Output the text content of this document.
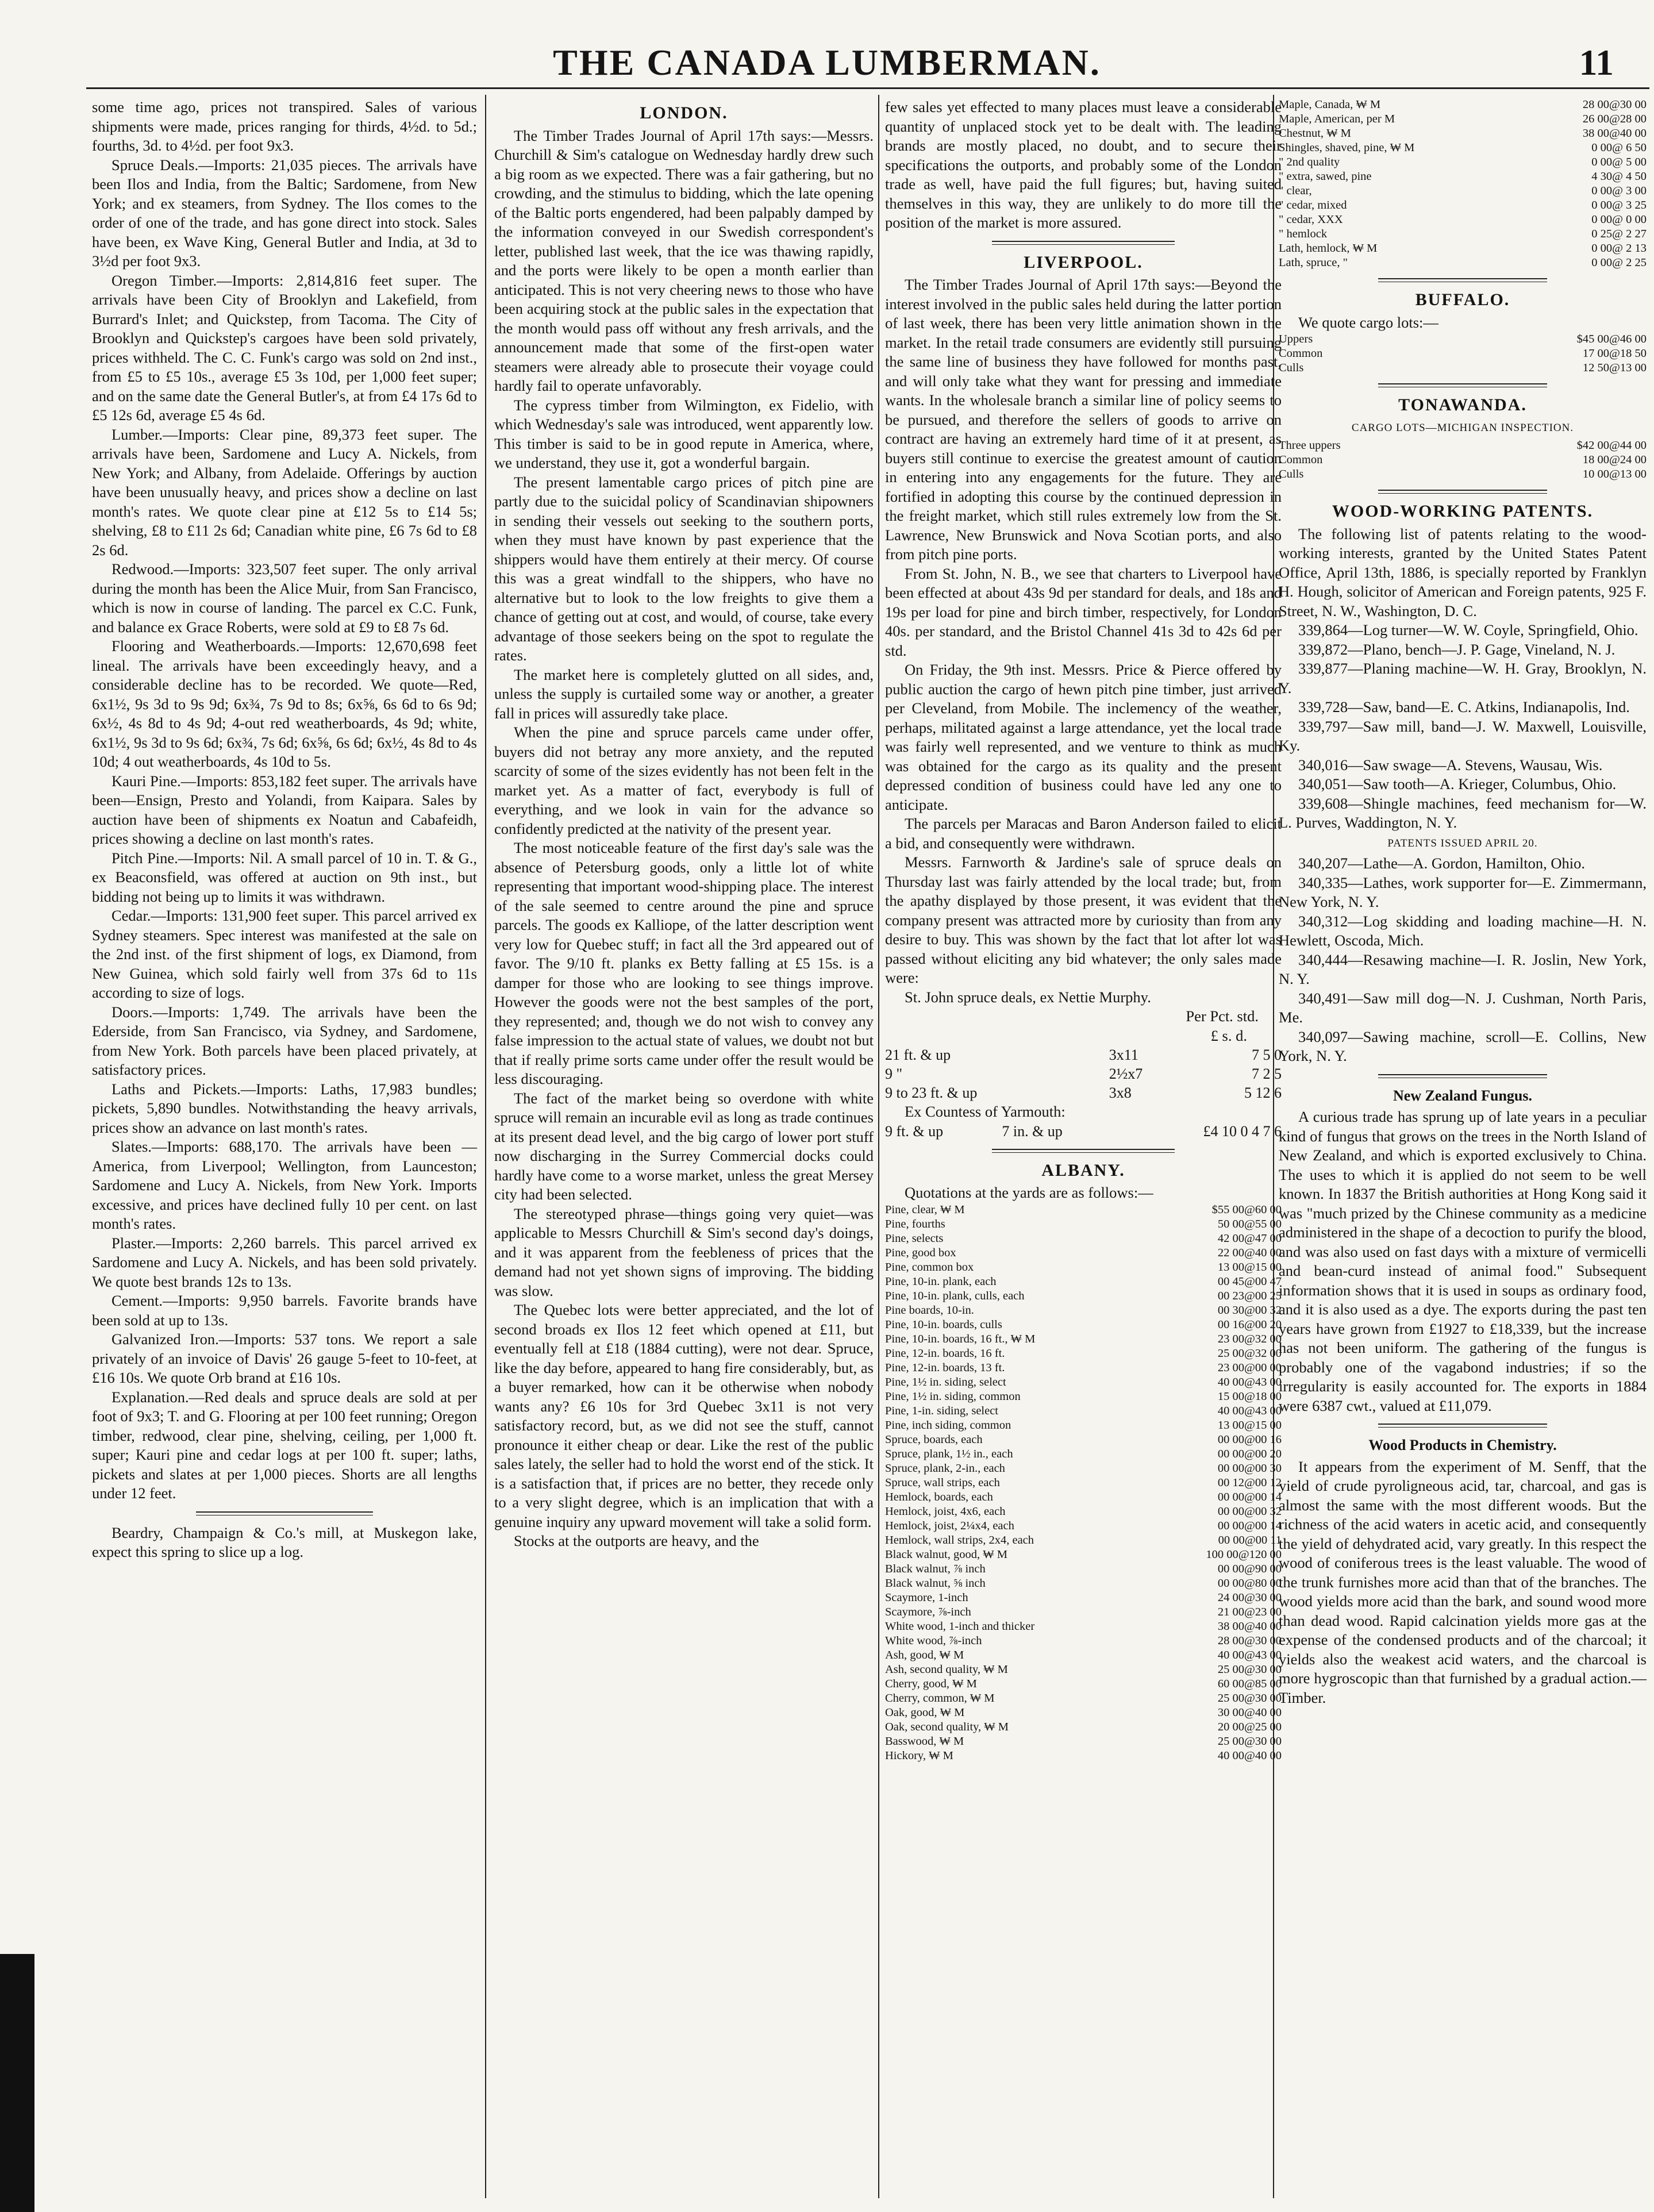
THE CANADA LUMBERMAN.	11

some time ago, prices not transpired. Sales of various shipments were made, prices ranging for thirds, 4½d. to 5d.; fourths, 3d. to 4½d. per foot 9x3.

Spruce Deals.—Imports: 21,035 pieces. The arrivals have been Ilos and India, from the Baltic; Sardomene, from New York; and ex steamers, from Sydney. The Ilos comes to the order of one of the trade, and has gone direct into stock. Sales have been, ex Wave King, General Butler and India, at 3d to 3½d per foot 9x3.

Oregon Timber.—Imports: 2,814,816 feet super. The arrivals have been City of Brooklyn and Lakefield, from Burrard's Inlet; and Quickstep, from Tacoma. The City of Brooklyn and Quickstep's cargoes have been sold privately, prices withheld. The C. C. Funk's cargo was sold on 2nd inst., from £5 to £5 10s., average £5 3s 10d, per 1,000 feet super; and on the same date the General Butler's, at from £4 17s 6d to £5 12s 6d, average £5 4s 6d.

Lumber.—Imports: Clear pine, 89,373 feet super. The arrivals have been, Sardomene and Lucy A. Nickels, from New York; and Albany, from Adelaide. Offerings by auction have been unusually heavy, and prices show a decline on last month's rates. We quote clear pine at £12 5s to £14 5s; shelving, £8 to £11 2s 6d; Canadian white pine, £6 7s 6d to £8 2s 6d.

Redwood.—Imports: 323,507 feet super. The only arrival during the month has been the Alice Muir, from San Francisco, which is now in course of landing. The parcel ex C.C. Funk, and balance ex Grace Roberts, were sold at £9 to £8 7s 6d.

Flooring and Weatherboards.—Imports: 12,670,698 feet lineal. The arrivals have been exceedingly heavy, and a considerable decline has to be recorded. We quote—Red, 6x1½, 9s 3d to 9s 9d; 6x¾, 7s 9d to 8s; 6x⅝, 6s 6d to 6s 9d; 6x½, 4s 8d to 4s 9d; 4-out red weatherboards, 4s 9d; white, 6x1½, 9s 3d to 9s 6d; 6x¾, 7s 6d; 6x⅝, 6s 6d; 6x½, 4s 8d to 4s 10d; 4 out weatherboards, 4s 10d to 5s.

Kauri Pine.—Imports: 853,182 feet super. The arrivals have been—Ensign, Presto and Yolandi, from Kaipara. Sales by auction have been of shipments ex Noatun and Cabafeidh, prices showing a decline on last month's rates.

Pitch Pine.—Imports: Nil. A small parcel of 10 in. T. & G., ex Beaconsfield, was offered at auction on 9th inst., but bidding not being up to limits it was withdrawn.

Cedar.—Imports: 131,900 feet super. This parcel arrived ex Sydney steamers. Spec interest was manifested at the sale on the 2nd inst. of the first shipment of logs, ex Diamond, from New Guinea, which sold fairly well from 37s 6d to 11s according to size of logs.

Doors.—Imports: 1,749. The arrivals have been the Ederside, from San Francisco, via Sydney, and Sardomene, from New York. Both parcels have been placed privately, at satisfactory prices.

Laths and Pickets.—Imports: Laths, 17,983 bundles; pickets, 5,890 bundles. Notwithstanding the heavy arrivals, prices show an advance on last month's rates.

Slates.—Imports: 688,170. The arrivals have been — America, from Liverpool; Wellington, from Launceston; Sardomene and Lucy A. Nickels, from New York. Imports excessive, and prices have declined fully 10 per cent. on last month's rates.

Plaster.—Imports: 2,260 barrels. This parcel arrived ex Sardomene and Lucy A. Nickels, and has been sold privately. We quote best brands 12s to 13s.

Cement.—Imports: 9,950 barrels. Favorite brands have been sold at up to 13s.

Galvanized Iron.—Imports: 537 tons. We report a sale privately of an invoice of Davis' 26 gauge 5-feet to 10-feet, at £16 10s. We quote Orb brand at £16 10s.

Explanation.—Red deals and spruce deals are sold at per foot of 9x3; T. and G. Flooring at per 100 feet running; Oregon timber, redwood, clear pine, shelving, ceiling, per 1,000 ft. super; Kauri pine and cedar logs at per 100 ft. super; laths, pickets and slates at per 1,000 pieces. Shorts are all lengths under 12 feet.

Beardry, Champaign & Co.'s mill, at Muskegon lake, expect this spring to slice up a log.

LONDON.

The Timber Trades Journal of April 17th says:—Messrs. Churchill & Sim's catalogue on Wednesday hardly drew such a big room as we expected. There was a fair gathering, but no crowding, and the stimulus to bidding, which the late opening of the Baltic ports engendered, had been palpably damped by the information conveyed in our Swedish correspondent's letter, published last week, that the ice was thawing rapidly, and the ports were likely to be open a month earlier than anticipated. This is not very cheering news to those who have been acquiring stock at the public sales in the expectation that the month would pass off without any fresh arrivals, and the announcement made that some of the first-open water steamers were already able to prosecute their voyage could hardly fail to operate unfavorably.

The cypress timber from Wilmington, ex Fidelio, with which Wednesday's sale was introduced, went apparently low. This timber is said to be in good repute in America, where, we understand, they use it, got a wonderful bargain.

The present lamentable cargo prices of pitch pine are partly due to the suicidal policy of Scandinavian shipowners in sending their vessels out seeking to the southern ports, when they must have known by past experience that the shippers would have them entirely at their mercy. Of course this was a great windfall to the shippers, who have no alternative but to look to the low freights to give them a chance of getting out at cost, and would, of course, take every advantage of those seekers being on the spot to regulate the rates.

The market here is completely glutted on all sides, and, unless the supply is curtailed some way or another, a greater fall in prices will assuredly take place.

When the pine and spruce parcels came under offer, buyers did not betray any more anxiety, and the reputed scarcity of some of the sizes evidently has not been felt in the market yet. As a matter of fact, everybody is full of everything, and we look in vain for the advance so confidently predicted at the nativity of the present year.

The most noticeable feature of the first day's sale was the absence of Petersburg goods, only a little lot of white representing that important wood-shipping place. The interest of the sale seemed to centre around the pine and spruce parcels. The goods ex Kalliope, of the latter description went very low for Quebec stuff; in fact all the 3rd appeared out of favor. The 9/10 ft. planks ex Betty falling at £5 15s. is a damper for those who are looking to see things improve. However the goods were not the best samples of the port, they represented; and, though we do not wish to convey any false impression to the actual state of values, we doubt not but that if really prime sorts came under offer the result would be less discouraging.

The fact of the market being so overdone with white spruce will remain an incurable evil as long as trade continues at its present dead level, and the big cargo of lower port stuff now discharging in the Surrey Commercial docks could hardly have come to a worse market, unless the great Mersey city had been selected.

The stereotyped phrase—things going very quiet—was applicable to Messrs Churchill & Sim's second day's doings, and it was apparent from the feebleness of prices that the demand had not yet shown signs of improving. The bidding was slow.

The Quebec lots were better appreciated, and the lot of second broads ex Ilos 12 feet which opened at £11, but eventually fell at £18 (1884 cutting), were not dear. Spruce, like the day before, appeared to hang fire considerably, but, as a buyer remarked, how can it be otherwise when nobody wants any? £6 10s for 3rd Quebec 3x11 is not very satisfactory record, but, as we did not see the stuff, cannot pronounce it either cheap or dear. Like the rest of the public sales lately, the seller had to hold the worst end of the stick. It is a satisfaction that, if prices are no better, they recede only to a very slight degree, which is an implication that with a genuine inquiry any upward movement will take a solid form.

Stocks at the outports are heavy, and the

few sales yet effected to many places must leave a considerable quantity of unplaced stock yet to be dealt with. The leading brands are mostly placed, no doubt, and to secure their specifications the outports, and probably some of the London trade as well, have paid the full figures; but, having suited themselves in this way, they are unlikely to do more till the position of the market is more assured.

LIVERPOOL.

The Timber Trades Journal of April 17th says:—Beyond the interest involved in the public sales held during the latter portion of last week, there has been very little animation shown in the market. In the retail trade consumers are evidently still pursuing the same line of business they have followed for months past, and will only take what they want for pressing and immediate wants. In the wholesale branch a similar line of policy seems to be pursued, and therefore the sellers of goods to arrive on contract are having an extremely hard time of it at present, as buyers still continue to exercise the greatest amount of caution in entering into any engagements for the future. They are fortified in adopting this course by the continued depression in the freight market, which still rules extremely low from the St. Lawrence, New Brunswick and Nova Scotian ports, and also from pitch pine ports.

From St. John, N. B., we see that charters to Liverpool have been effected at about 43s 9d per standard for deals, and 18s and 19s per load for pine and birch timber, respectively, for London 40s. per standard, and the Bristol Channel 41s 3d to 42s 6d per std.

On Friday, the 9th inst. Messrs. Price & Pierce offered by public auction the cargo of hewn pitch pine timber, just arrived per Cleveland, from Mobile. The inclemency of the weather, perhaps, militated against a large attendance, yet the local trade was fairly well represented, and we venture to think as much was obtained for the cargo as its quality and the present depressed condition of business could have led any one to anticipate.

The parcels per Maracas and Baron Anderson failed to elicit a bid, and consequently were withdrawn.

Messrs. Farnworth & Jardine's sale of spruce deals on Thursday last was fairly attended by the local trade; but, from the apathy displayed by those present, it was evident that the company present was attracted more by curiosity than from any desire to buy. This was shown by the fact that lot after lot was passed without eliciting any bid whatever; the only sales made were:

St. John spruce deals, ex Nettie Murphy.

Per Pct. std.
£ s. d.
21 ft. & up	3x11	7 5 0
9 "	2½x7	7 2 5
9 to 23 ft. & up	3x8	5 12 6

Ex Countess of Yarmouth:

9 ft. & up	7 in. & up	£4 10 0 4 7 6
ALBANY.

Quotations at the yards are as follows:—

Pine, clear, ₩ M	$55 00@60 00
Pine, fourths	50 00@55 00
Pine, selects	42 00@47 00
Pine, good box	22 00@40 00
Pine, common box	13 00@15 00
Pine, 10-in. plank, each	00 45@00 47
Pine, 10-in. plank, culls, each	00 23@00 25
Pine boards, 10-in.	00 30@00 32
Pine, 10-in. boards, culls	00 16@00 20
Pine, 10-in. boards, 16 ft., ₩ M	23 00@32 00
Pine, 12-in. boards, 16 ft.	25 00@32 00
Pine, 12-in. boards, 13 ft.	23 00@00 00
Pine, 1½ in. siding, select	40 00@43 00
Pine, 1½ in. siding, common	15 00@18 00
Pine, 1-in. siding, select	40 00@43 00
Pine, inch siding, common	13 00@15 00
Spruce, boards, each	00 00@00 16
Spruce, plank, 1½ in., each	00 00@00 20
Spruce, plank, 2-in., each	00 00@00 30
Spruce, wall strips, each	00 12@00 12
Hemlock, boards, each	00 00@00 14
Hemlock, joist, 4x6, each	00 00@00 32
Hemlock, joist, 2¼x4, each	00 00@00 14
Hemlock, wall strips, 2x4, each	00 00@00 11
Black walnut, good, ₩ M	100 00@120 00
Black walnut, ⅞ inch	00 00@90 00
Black walnut, ⅝ inch	00 00@80 00
Scaymore, 1-inch	24 00@30 00
Scaymore, ⅞-inch	21 00@23 00
White wood, 1-inch and thicker	38 00@40 00
White wood, ⅞-inch	28 00@30 00
Ash, good, ₩ M	40 00@43 00
Ash, second quality, ₩ M	25 00@30 00
Cherry, good, ₩ M	60 00@85 00
Cherry, common, ₩ M	25 00@30 00
Oak, good, ₩ M	30 00@40 00
Oak, second quality, ₩ M	20 00@25 00
Basswood, ₩ M	25 00@30 00
Hickory, ₩ M	40 00@40 00
Maple, Canada, ₩ M	28 00@30 00
Maple, American, per M	26 00@28 00
Chestnut, ₩ M	38 00@40 00
Shingles, shaved, pine, ₩ M	0 00@ 6 50
" 2nd quality	0 00@ 5 00
" extra, sawed, pine	4 30@ 4 50
" clear,	0 00@ 3 00
" cedar, mixed	0 00@ 3 25
" cedar, XXX	0 00@ 0 00
" hemlock	0 25@ 2 27
Lath, hemlock, ₩ M	0 00@ 2 13
Lath, spruce, "	0 00@ 2 25
BUFFALO.

We quote cargo lots:—

Uppers	$45 00@46 00
Common	17 00@18 50
Culls	12 50@13 00
TONAWANDA.
CARGO LOTS—MICHIGAN INSPECTION.
Three uppers	$42 00@44 00
Common	18 00@24 00
Culls	10 00@13 00
WOOD-WORKING PATENTS.

The following list of patents relating to the wood-working interests, granted by the United States Patent Office, April 13th, 1886, is specially reported by Franklyn H. Hough, solicitor of American and Foreign patents, 925 F. Street, N. W., Washington, D. C.

339,864—Log turner—W. W. Coyle, Springfield, Ohio.

339,872—Plano, bench—J. P. Gage, Vineland, N. J.

339,877—Planing machine—W. H. Gray, Brooklyn, N. Y.

339,728—Saw, band—E. C. Atkins, Indianapolis, Ind.

339,797—Saw mill, band—J. W. Maxwell, Louisville, Ky.

340,016—Saw swage—A. Stevens, Wausau, Wis.

340,051—Saw tooth—A. Krieger, Columbus, Ohio.

339,608—Shingle machines, feed mechanism for—W. L. Purves, Waddington, N. Y.

PATENTS ISSUED APRIL 20.

340,207—Lathe—A. Gordon, Hamilton, Ohio.

340,335—Lathes, work supporter for—E. Zimmermann, New York, N. Y.

340,312—Log skidding and loading machine—H. N. Hewlett, Oscoda, Mich.

340,444—Resawing machine—I. R. Joslin, New York, N. Y.

340,491—Saw mill dog—N. J. Cushman, North Paris, Me.

340,097—Sawing machine, scroll—E. Collins, New York, N. Y.

New Zealand Fungus.

A curious trade has sprung up of late years in a peculiar kind of fungus that grows on the trees in the North Island of New Zealand, and which is exported exclusively to China. The uses to which it is applied do not seem to be well known. In 1837 the British authorities at Hong Kong said it was "much prized by the Chinese community as a medicine administered in the shape of a decoction to purify the blood, and was also used on fast days with a mixture of vermicelli and bean-curd instead of animal food." Subsequent information shows that it is used in soups as ordinary food, and it is also used as a dye. The exports during the past ten years have grown from £1927 to £18,339, but the increase has not been uniform. The gathering of the fungus is probably one of the vagabond industries; if so the irregularity is easily accounted for. The exports in 1884 were 6387 cwt., valued at £11,079.

Wood Products in Chemistry.

It appears from the experiment of M. Senff, that the yield of crude pyroligneous acid, tar, charcoal, and gas is almost the same with the most different woods. But the richness of the acid waters in acetic acid, and consequently the yield of dehydrated acid, vary greatly. In this respect the wood of coniferous trees is the least valuable. The wood of the trunk furnishes more acid than that of the branches. The wood yields more acid than the bark, and sound wood more than dead wood. Rapid calcination yields more gas at the expense of the condensed products and of the charcoal; it yields also the weakest acid waters, and the charcoal is more hygroscopic than that furnished by a gradual action.—Timber.
